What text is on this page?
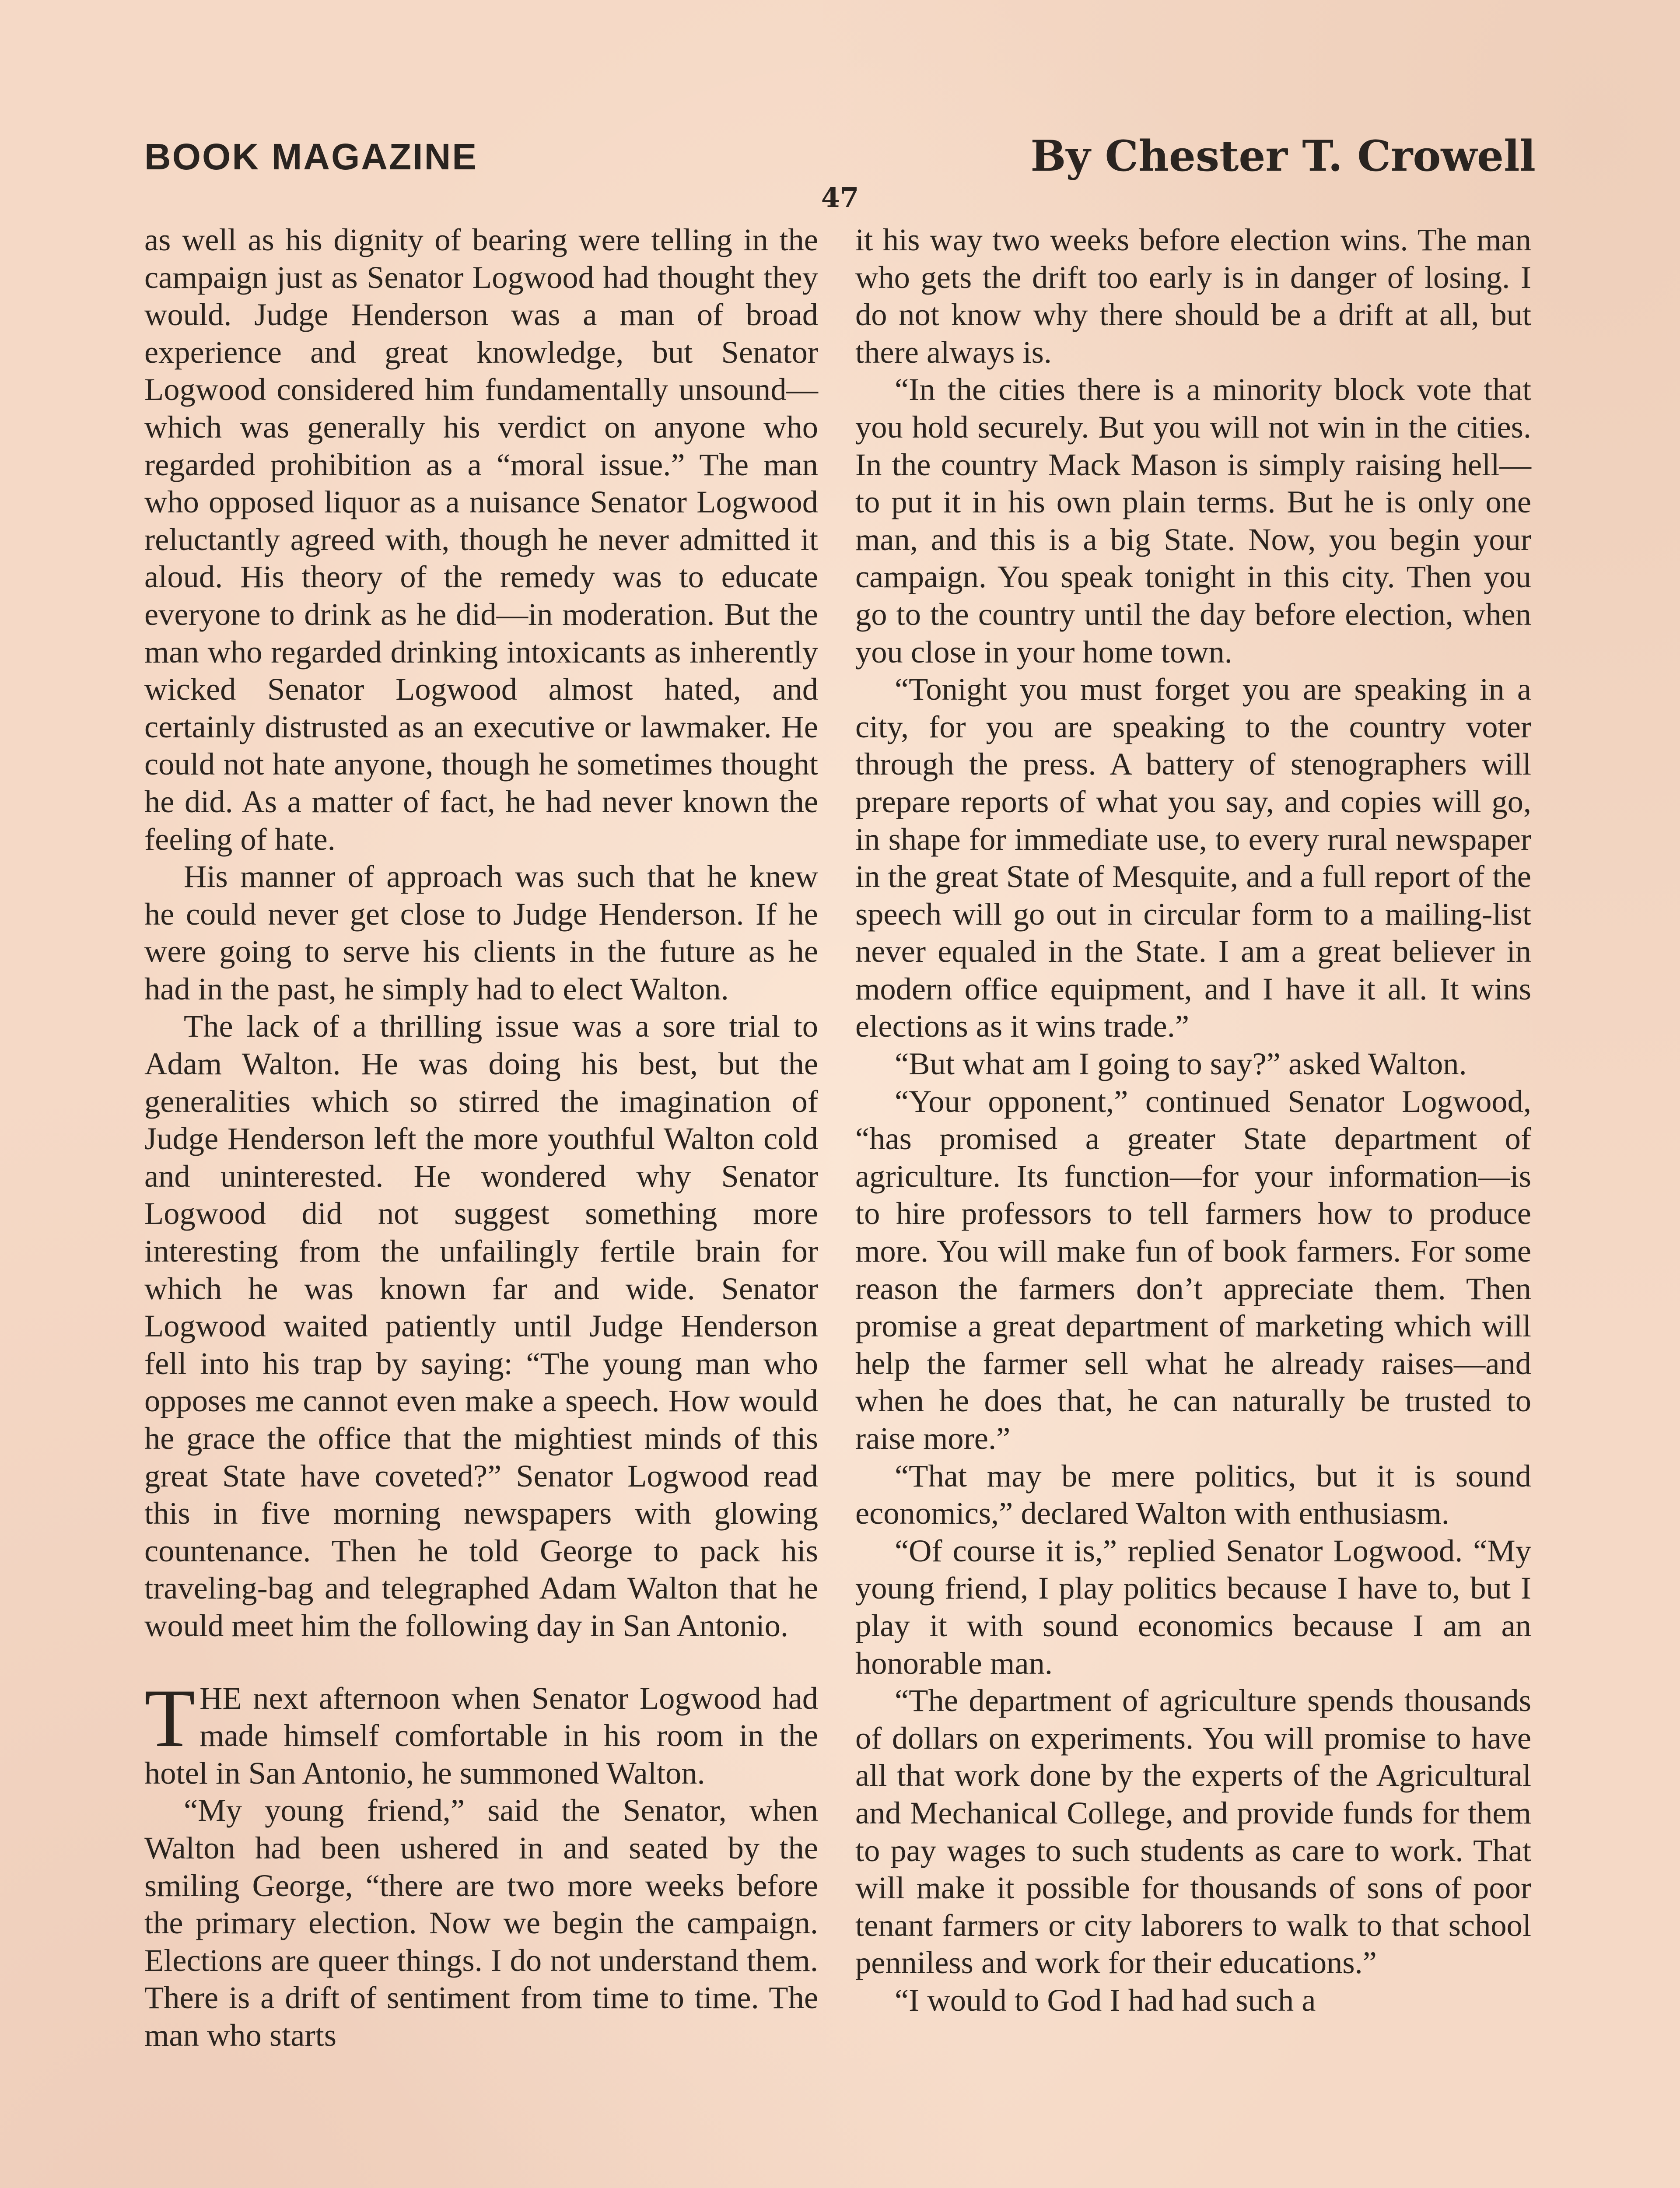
BOOK MAGAZINE	By Chester T. Crowell
47

as well as his dignity of bearing were telling in the campaign just as Senator Logwood had thought they would. Judge Henderson was a man of broad experience and great knowledge, but Senator Logwood considered him fundamentally unsound—which was generally his verdict on anyone who regarded prohibition as a “moral issue.” The man who opposed liquor as a nuisance Senator Logwood reluctantly agreed with, though he never admitted it aloud. His theory of the remedy was to educate everyone to drink as he did—in moderation. But the man who regarded drinking intoxicants as inherently wicked Senator Logwood almost hated, and certainly distrusted as an executive or lawmaker. He could not hate anyone, though he sometimes thought he did. As a matter of fact, he had never known the feeling of hate.

His manner of approach was such that he knew he could never get close to Judge Henderson. If he were going to serve his clients in the future as he had in the past, he simply had to elect Walton.

The lack of a thrilling issue was a sore trial to Adam Walton. He was doing his best, but the generalities which so stirred the imagination of Judge Henderson left the more youthful Walton cold and uninterested. He wondered why Senator Logwood did not suggest something more interesting from the unfailingly fertile brain for which he was known far and wide. Senator Logwood waited patiently until Judge Henderson fell into his trap by saying: “The young man who opposes me cannot even make a speech. How would he grace the office that the mightiest minds of this great State have coveted?” Senator Logwood read this in five morning newspapers with glowing countenance. Then he told George to pack his traveling-bag and telegraphed Adam Walton that he would meet him the following day in San Antonio.

THE next afternoon when Senator Logwood had made himself comfortable in his room in the hotel in San Antonio, he summoned Walton.

“My young friend,” said the Senator, when Walton had been ushered in and seated by the smiling George, “there are two more weeks before the primary election. Now we begin the campaign. Elections are queer things. I do not understand them. There is a drift of sentiment from time to time. The man who starts

it his way two weeks before election wins. The man who gets the drift too early is in danger of losing. I do not know why there should be a drift at all, but there always is.

“In the cities there is a minority block vote that you hold securely. But you will not win in the cities. In the country Mack Mason is simply raising hell—to put it in his own plain terms. But he is only one man, and this is a big State. Now, you begin your campaign. You speak tonight in this city. Then you go to the country until the day before election, when you close in your home town.

“Tonight you must forget you are speaking in a city, for you are speaking to the country voter through the press. A battery of stenographers will prepare reports of what you say, and copies will go, in shape for immediate use, to every rural newspaper in the great State of Mesquite, and a full report of the speech will go out in circular form to a mailing-list never equaled in the State. I am a great believer in modern office equipment, and I have it all. It wins elections as it wins trade.”

“But what am I going to say?” asked Walton.

“Your opponent,” continued Senator Logwood, “has promised a greater State department of agriculture. Its function—for your information—is to hire professors to tell farmers how to produce more. You will make fun of book farmers. For some reason the farmers don’t appreciate them. Then promise a great department of marketing which will help the farmer sell what he already raises—and when he does that, he can naturally be trusted to raise more.”

“That may be mere politics, but it is sound economics,” declared Walton with enthusiasm.

“Of course it is,” replied Senator Logwood. “My young friend, I play politics because I have to, but I play it with sound economics because I am an honorable man.

“The department of agriculture spends thousands of dollars on experiments. You will promise to have all that work done by the experts of the Agricultural and Mechanical College, and provide funds for them to pay wages to such students as care to work. That will make it possible for thousands of sons of poor tenant farmers or city laborers to walk to that school penniless and work for their educations.”

“I would to God I had had such a
